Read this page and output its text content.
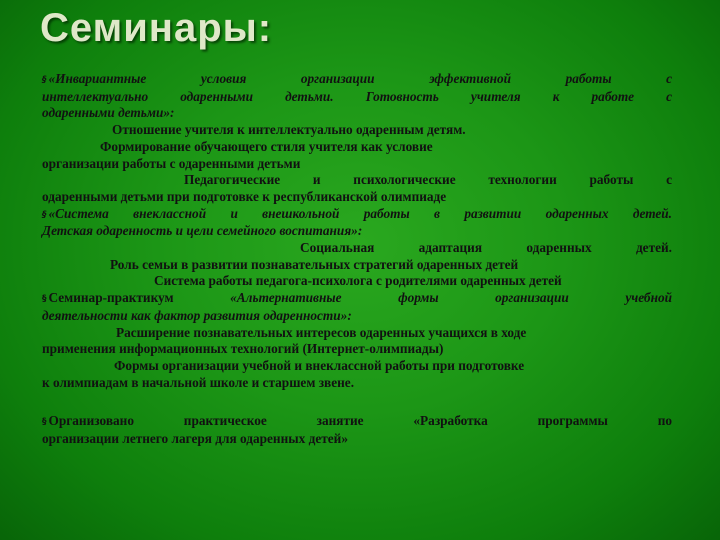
Семинары:

§ «Инвариантные условия организации эффективной работы с

интеллектуально одаренными детьми. Готовность учителя к работе с

одаренными детьми»:

Отношение учителя к интеллектуально одаренным детям.

Формирование обучающего стиля учителя как условие

организации работы с одаренными детьми

Педагогические и психологические технологии работы с

одаренными детьми при подготовке к республиканской олимпиаде

§ «Система внеклассной и внешкольной работы в развитии одаренных детей.

Детская одаренность и цели семейного воспитания»:

Социальная адаптация одаренных детей.

Роль семьи в развитии познавательных стратегий одаренных детей

Система работы педагога-психолога с родителями одаренных детей

§ Семинар-практикум	«Альтернативные формы организации учебной

деятельности как фактор развития одаренности»:

Расширение познавательных интересов одаренных учащихся в ходе

применения информационных технологий (Интернет-олимпиады)

Формы организации учебной и внеклассной работы при подготовке

к олимпиадам в начальной школе и старшем звене.

§ Организовано практическое занятие «Разработка программы по

организации летнего лагеря для одаренных детей»
